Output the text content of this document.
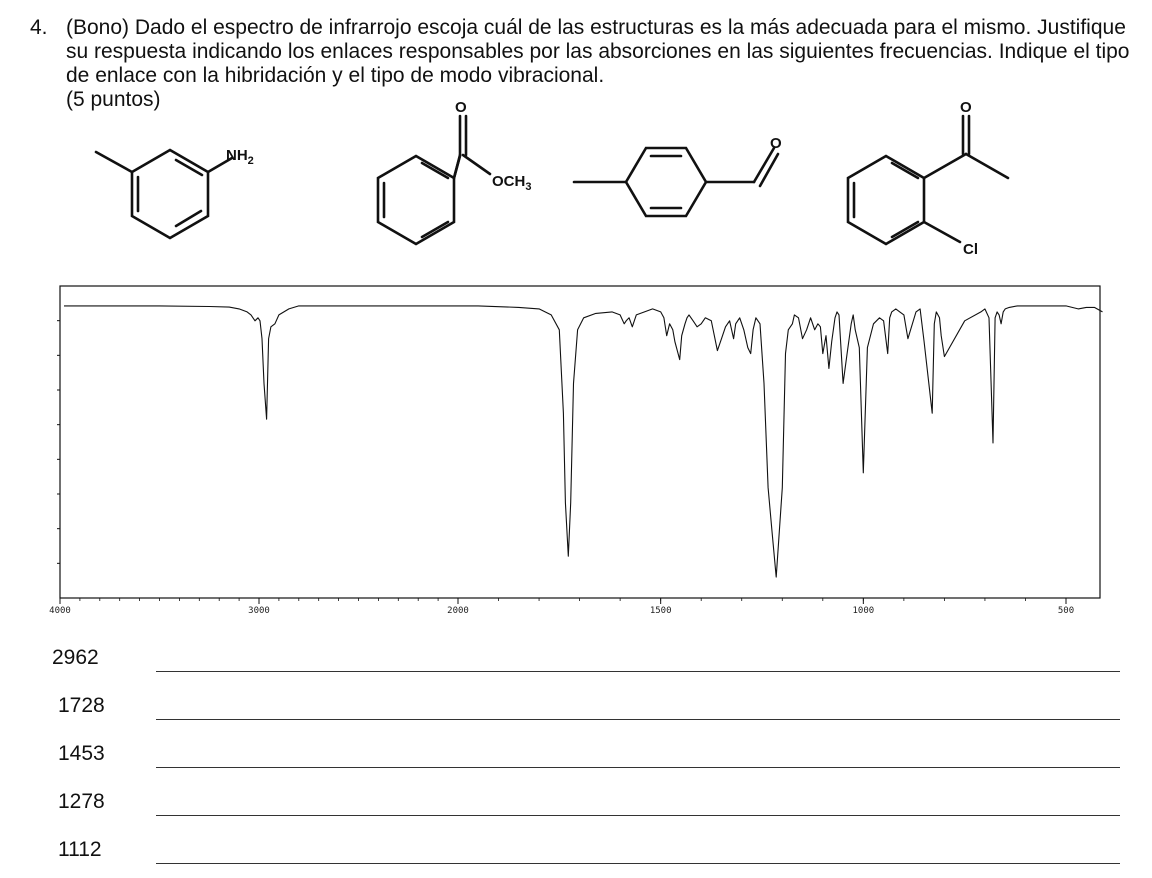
4. (Bono) Dado el espectro de infrarrojo escoja cuál de las estructuras es la más adecuada para el mismo. Justifique su respuesta indicando los enlaces responsables por las absorciones en las siguientes frecuencias. Indique el tipo de enlace con la hibridación y el tipo de modo vibracional.
(5 puntos)
$NH_2$
O
$OCH_3$
O
O
Cl
4000	3000	2000	1500	1000	500
2962
1728
1453
1278
1112
